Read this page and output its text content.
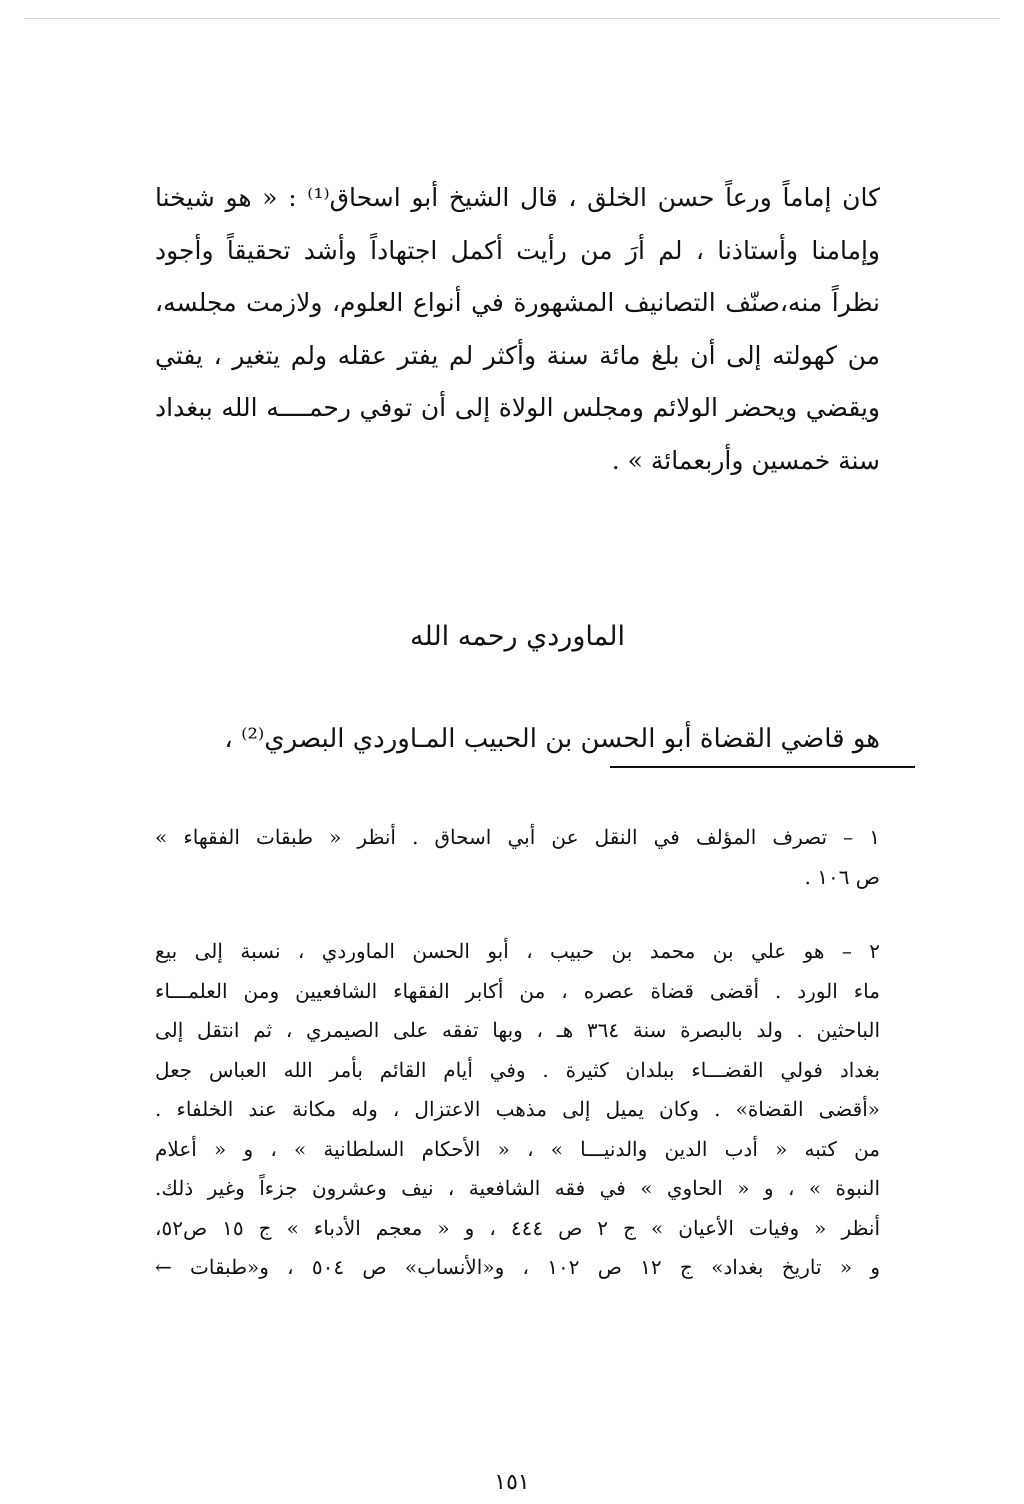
كان إماماً ورعاً حسن الخلق ، قال الشيخ أبو اسحاق⁽¹⁾ : « هو شيخنا
وإمامنا وأستاذنا ، لم أرَ من رأيت أكمل اجتهاداً وأشد تحقيقاً وأجود
نظراً منه،صنّف التصانيف المشهورة في أنواع العلوم، ولازمت مجلسه،
من كهولته إلى أن بلغ مائة سنة وأكثر لم يفتر عقله ولم يتغير ، يفتي
ويقضي ويحضر الولائم ومجلس الولاة إلى أن توفي رحمــــه الله ببغداد
سنة خمسين وأربعمائة » .
الماوردي رحمه الله
هو قاضي القضاة أبو الحسن بن الحبيب المـاوردي البصري⁽²⁾ ،
١ – تصرف المؤلف في النقل عن أبي اسحاق . أنظر « طبقات الفقهاء »
ص ١٠٦ .
٢ – هو علي بن محمد بن حبيب ، أبو الحسن الماوردي ، نسبة إلى بيع
ماء الورد . أقضى قضاة عصره ، من أكابر الفقهاء الشافعيين ومن العلمـــاء
الباحثين . ولد بالبصرة سنة ٣٦٤ هـ ، وبها تفقه على الصيمري ، ثم انتقل إلى
بغداد فولي القضـــاء ببلدان كثيرة . وفي أيام القائم بأمر الله العباس جعل
«أقضى القضاة» . وكان يميل إلى مذهب الاعتزال ، وله مكانة عند الخلفاء .
من كتبه « أدب الدين والدنيـــا » ، « الأحكام السلطانية » ، و « أعلام
النبوة » ، و « الحاوي » في فقه الشافعية ، نيف وعشرون جزءاً وغير ذلك.
أنظر « وفيات الأعيان » ج ٢ ص ٤٤٤ ، و « معجم الأدباء » ج ١٥ ص٥٢،
و « تاريخ بغداد» ج ١٢ ص ١٠٢ ، و«الأنساب» ص ٥٠٤ ، و«طبقات ←
١٥١
